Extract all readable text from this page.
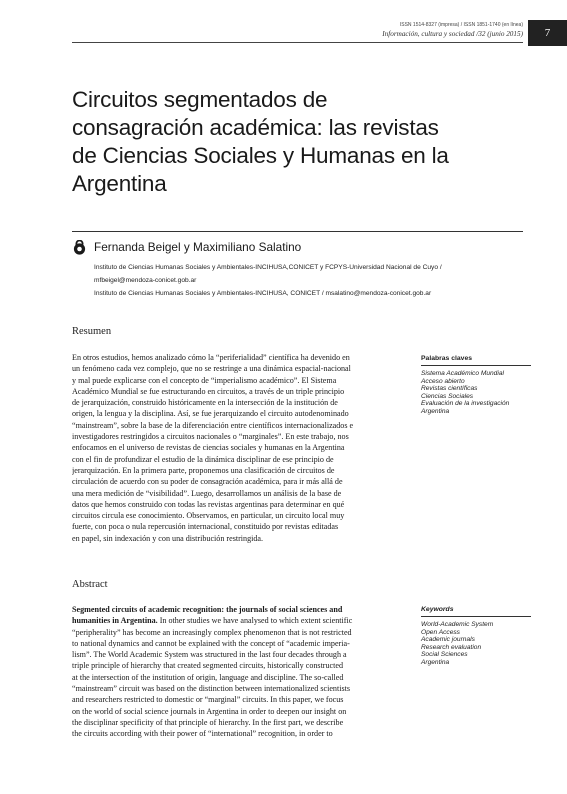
ISSN 1514-8327 (impresa) / ISSN 1851-1740 (en línea)
Información, cultura y sociedad /32 (junio 2015)	7
Circuitos segmentados de
consagración académica: las revistas
de Ciencias Sociales y Humanas en la
Argentina
Fernanda Beigel y Maximiliano Salatino
Instituto de Ciencias Humanas Sociales y Ambientales-INCIHUSA,CONICET y FCPYS-Universidad Nacional de Cuyo /
mfbeigel@mendoza-conicet.gob.ar
Instituto de Ciencias Humanas Sociales y Ambientales-INCIHUSA, CONICET / msalatino@mendoza-conicet.gob.ar
Resumen
En otros estudios, hemos analizado cómo la “periferialidad” científica ha devenido en
un fenómeno cada vez complejo, que no se restringe a una dinámica espacial-nacional
y mal puede explicarse con el concepto de “imperialismo académico”. El Sistema
Académico Mundial se fue estructurando en circuitos, a través de un triple principio
de jerarquización, construido históricamente en la intersección de la institución de
origen, la lengua y la disciplina. Así, se fue jerarquizando el circuito autodenominado
“mainstream”, sobre la base de la diferenciación entre científicos internacionalizados e
investigadores restringidos a circuitos nacionales o “marginales”. En este trabajo, nos
enfocamos en el universo de revistas de ciencias sociales y humanas en la Argentina
con el fin de profundizar el estudio de la dinámica disciplinar de ese principio de
jerarquización. En la primera parte, proponemos una clasificación de circuitos de
circulación de acuerdo con su poder de consagración académica, para ir más allá de
una mera medición de “visibilidad”. Luego, desarrollamos un análisis de la base de
datos que hemos construido con todas las revistas argentinas para determinar en qué
circuitos circula ese conocimiento. Observamos, en particular, un circuito local muy
fuerte, con poca o nula repercusión internacional, constituido por revistas editadas
en papel, sin indexación y con una distribución restringida.
Palabras claves
Sistema Académico Mundial
Acceso abierto
Revistas científicas
Ciencias Sociales
Evaluación de la investigación
Argentina
Abstract
Segmented circuits of academic recognition: the journals of social sciences and
humanities in Argentina. In other studies we have analysed to which extent scientific
“peripherality” has become an increasingly complex phenomenon that is not restricted
to national dynamics and cannot be explained with the concept of “academic imperia-
lism”. The World Academic System was structured in the last four decades through a
triple principle of hierarchy that created segmented circuits, historically constructed
at the intersection of the institution of origin, language and discipline. The so-called
“mainstream” circuit was based on the distinction between internationalized scientists
and researchers restricted to domestic or “marginal” circuits. In this paper, we focus
on the world of social science journals in Argentina in order to deepen our insight on
the disciplinar specificity of that principle of hierarchy. In the first part, we describe
the circuits according with their power of “international” recognition, in order to
Keywords
World-Academic System
Open Access
Academic journals
Research evaluation
Social Sciences
Argentina
